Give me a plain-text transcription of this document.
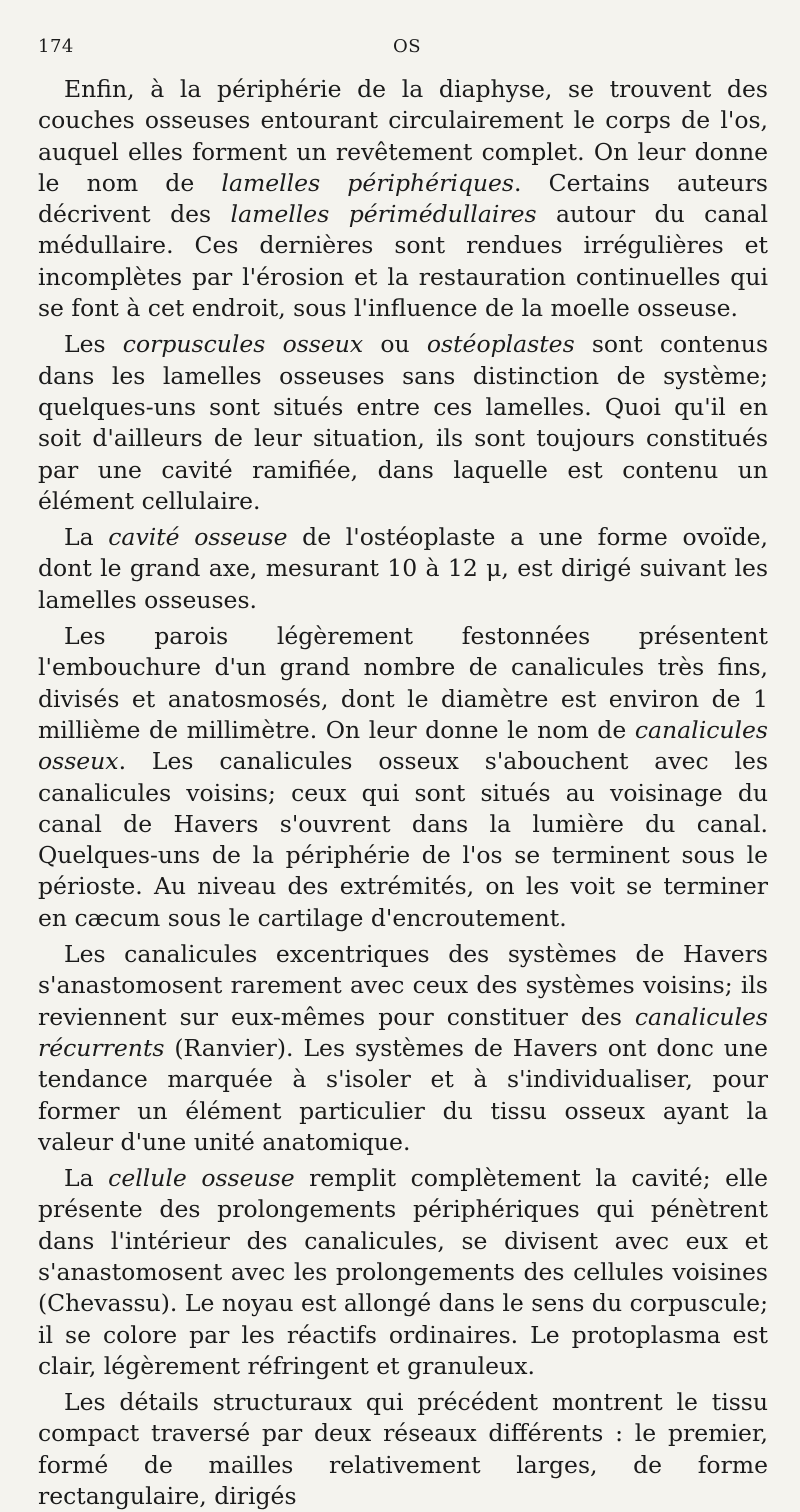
174	OS

Enfin, à la périphérie de la diaphyse, se trouvent des couches osseuses entourant circulairement le corps de l'os, auquel elles forment un revêtement complet. On leur donne le nom de lamelles périphériques. Certains auteurs décrivent des lamelles périmédullaires autour du canal médullaire. Ces dernières sont rendues irrégulières et incomplètes par l'érosion et la restauration continuelles qui se font à cet endroit, sous l'influence de la moelle osseuse.

Les corpuscules osseux ou ostéoplastes sont contenus dans les lamelles osseuses sans distinction de système; quelques-uns sont situés entre ces lamelles. Quoi qu'il en soit d'ailleurs de leur situation, ils sont toujours constitués par une cavité ramifiée, dans laquelle est contenu un élément cellulaire.

La cavité osseuse de l'ostéoplaste a une forme ovoïde, dont le grand axe, mesurant 10 à 12 μ, est dirigé suivant les lamelles osseuses.

Les parois légèrement festonnées présentent l'embouchure d'un grand nombre de canalicules très fins, divisés et anatosmosés, dont le diamètre est environ de 1 millième de millimètre. On leur donne le nom de canalicules osseux. Les canalicules osseux s'abouchent avec les canalicules voisins; ceux qui sont situés au voisinage du canal de Havers s'ouvrent dans la lumière du canal. Quelques-uns de la périphérie de l'os se terminent sous le périoste. Au niveau des extrémités, on les voit se terminer en cæcum sous le cartilage d'encroutement.

Les canalicules excentriques des systèmes de Havers s'anastomosent rarement avec ceux des systèmes voisins; ils reviennent sur eux-mêmes pour constituer des canalicules récurrents (Ranvier). Les systèmes de Havers ont donc une tendance marquée à s'isoler et à s'individualiser, pour former un élément particulier du tissu osseux ayant la valeur d'une unité anatomique.

La cellule osseuse remplit complètement la cavité; elle présente des prolongements périphériques qui pénètrent dans l'intérieur des canalicules, se divisent avec eux et s'anastomosent avec les prolongements des cellules voisines (Chevassu). Le noyau est allongé dans le sens du corpuscule; il se colore par les réactifs ordinaires. Le protoplasma est clair, légèrement réfringent et granuleux.

Les détails structuraux qui précédent montrent le tissu compact traversé par deux réseaux différents : le premier, formé de mailles relativement larges, de forme rectangulaire, dirigés
